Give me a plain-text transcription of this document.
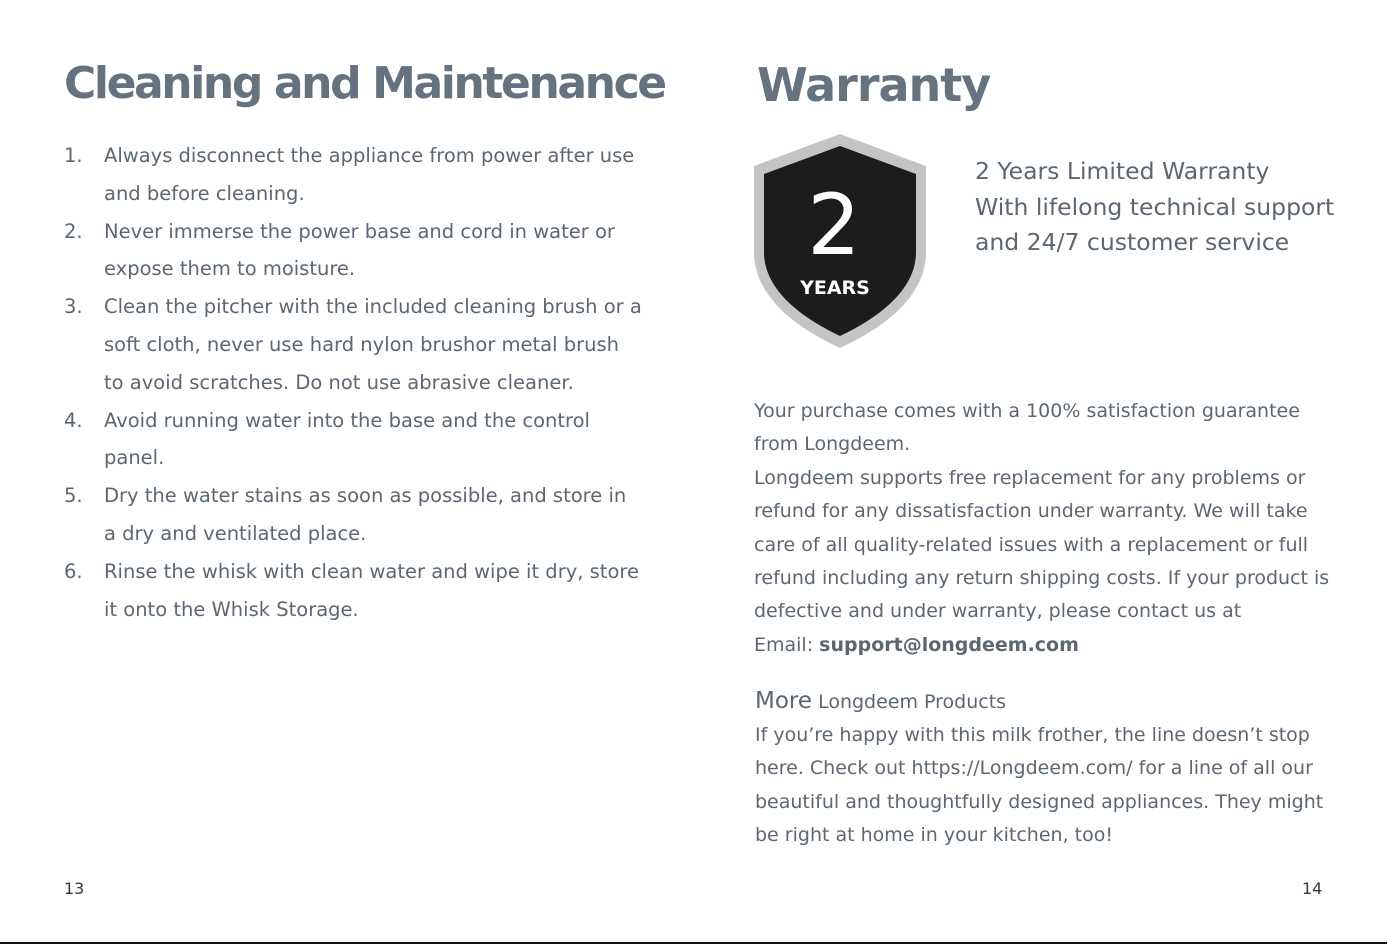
Cleaning and Maintenance
1. Always disconnect the appliance from power after use and before cleaning.
2. Never immerse the power base and cord in water or expose them to moisture.
3. Clean the pitcher with the included cleaning brush or a soft cloth, never use hard nylon brushor metal brush to avoid scratches. Do not use abrasive cleaner.
4. Avoid running water into the base and the control panel.
5. Dry the water stains as soon as possible, and store in a dry and ventilated place.
6. Rinse the whisk with clean water and wipe it dry, store it onto the Whisk Storage.
13
Warranty
2
YEARS
2 Years Limited Warranty
With lifelong technical support
and 24/7 customer service

Your purchase comes with a 100% satisfaction guarantee from Longdeem.

Longdeem supports free replacement for any problems or refund for any dissatisfaction under warranty. We will take care of all quality-related issues with a replacement or full refund including any return shipping costs. If your product is defective and under warranty, please contact us at

Email: support@longdeem.com

More Longdeem Products

If you’re happy with this milk frother, the line doesn’t stop here. Check out https://Longdeem.com/ for a line of all our beautiful and thoughtfully designed appliances. They might be right at home in your kitchen, too!

14
